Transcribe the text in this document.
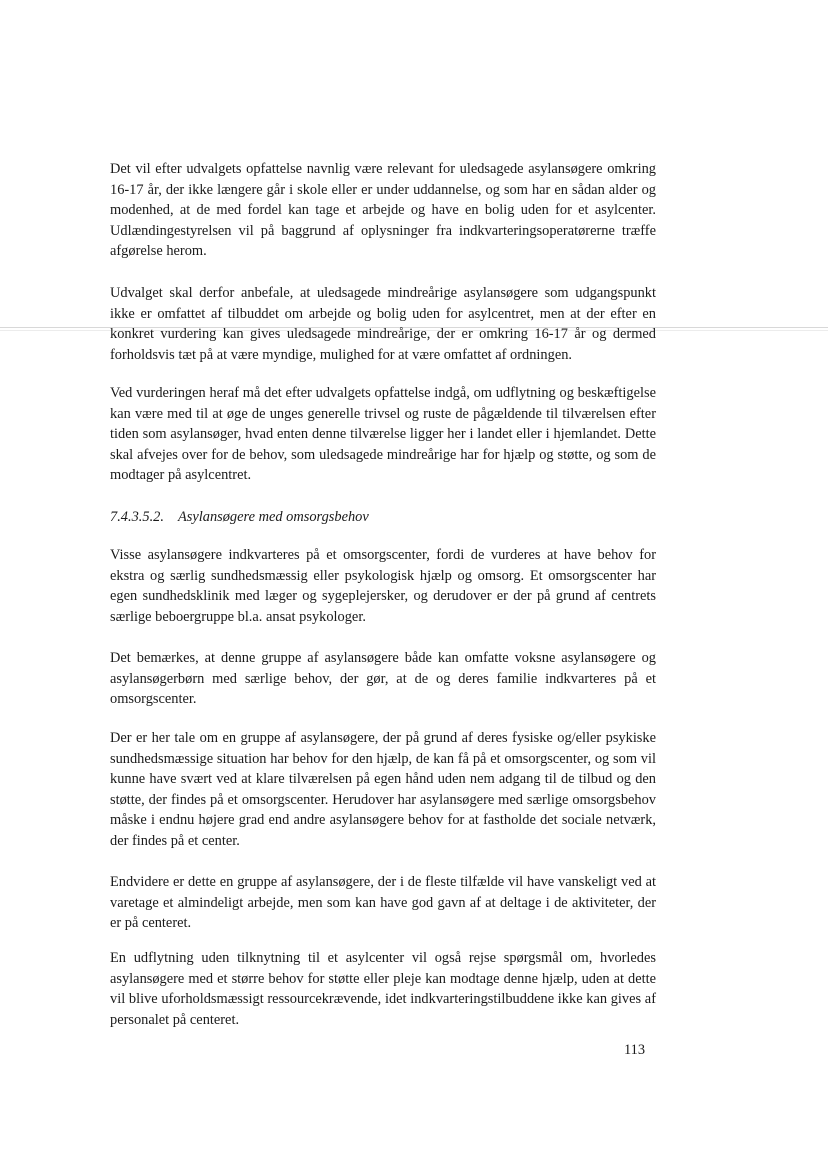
Det vil efter udvalgets opfattelse navnlig være relevant for uledsagede asylansøgere omkring 16-17 år, der ikke længere går i skole eller er under uddannelse, og som har en sådan alder og modenhed, at de med fordel kan tage et arbejde og have en bolig uden for et asylcenter. Udlændingestyrelsen vil på baggrund af oplysninger fra indkvarteringsoperatørerne træffe afgørelse herom.

Udvalget skal derfor anbefale, at uledsagede mindreårige asylansøgere som udgangspunkt ikke er omfattet af tilbuddet om arbejde og bolig uden for asylcentret, men at der efter en konkret vurdering kan gives uledsagede mindreårige, der er omkring 16-17 år og dermed forholdsvis tæt på at være myndige, mulighed for at være omfattet af ordningen.

Ved vurderingen heraf må det efter udvalgets opfattelse indgå, om udflytning og beskæftigelse kan være med til at øge de unges generelle trivsel og ruste de pågældende til tilværelsen efter tiden som asylansøger, hvad enten denne tilværelse ligger her i landet eller i hjemlandet. Dette skal afvejes over for de behov, som uledsagede mindreårige har for hjælp og støtte, og som de modtager på asylcentret.

7.4.3.5.2. Asylansøgere med omsorgsbehov

Visse asylansøgere indkvarteres på et omsorgscenter, fordi de vurderes at have behov for ekstra og særlig sundhedsmæssig eller psykologisk hjælp og omsorg. Et omsorgscenter har egen sundhedsklinik med læger og sygeplejersker, og derudover er der på grund af centrets særlige beboergruppe bl.a. ansat psykologer.

Det bemærkes, at denne gruppe af asylansøgere både kan omfatte voksne asylansøgere og asylansøgerbørn med særlige behov, der gør, at de og deres familie indkvarteres på et omsorgscenter.

Der er her tale om en gruppe af asylansøgere, der på grund af deres fysiske og/eller psykiske sundhedsmæssige situation har behov for den hjælp, de kan få på et omsorgscenter, og som vil kunne have svært ved at klare tilværelsen på egen hånd uden nem adgang til de tilbud og den støtte, der findes på et omsorgscenter. Herudover har asylansøgere med særlige omsorgsbehov måske i endnu højere grad end andre asylansøgere behov for at fastholde det sociale netværk, der findes på et center.

Endvidere er dette en gruppe af asylansøgere, der i de fleste tilfælde vil have vanskeligt ved at varetage et almindeligt arbejde, men som kan have god gavn af at deltage i de aktiviteter, der er på centeret.

En udflytning uden tilknytning til et asylcenter vil også rejse spørgsmål om, hvorledes asylansøgere med et større behov for støtte eller pleje kan modtage denne hjælp, uden at dette vil blive uforholdsmæssigt ressourcekrævende, idet indkvarteringstilbuddene ikke kan gives af personalet på centeret.

113
